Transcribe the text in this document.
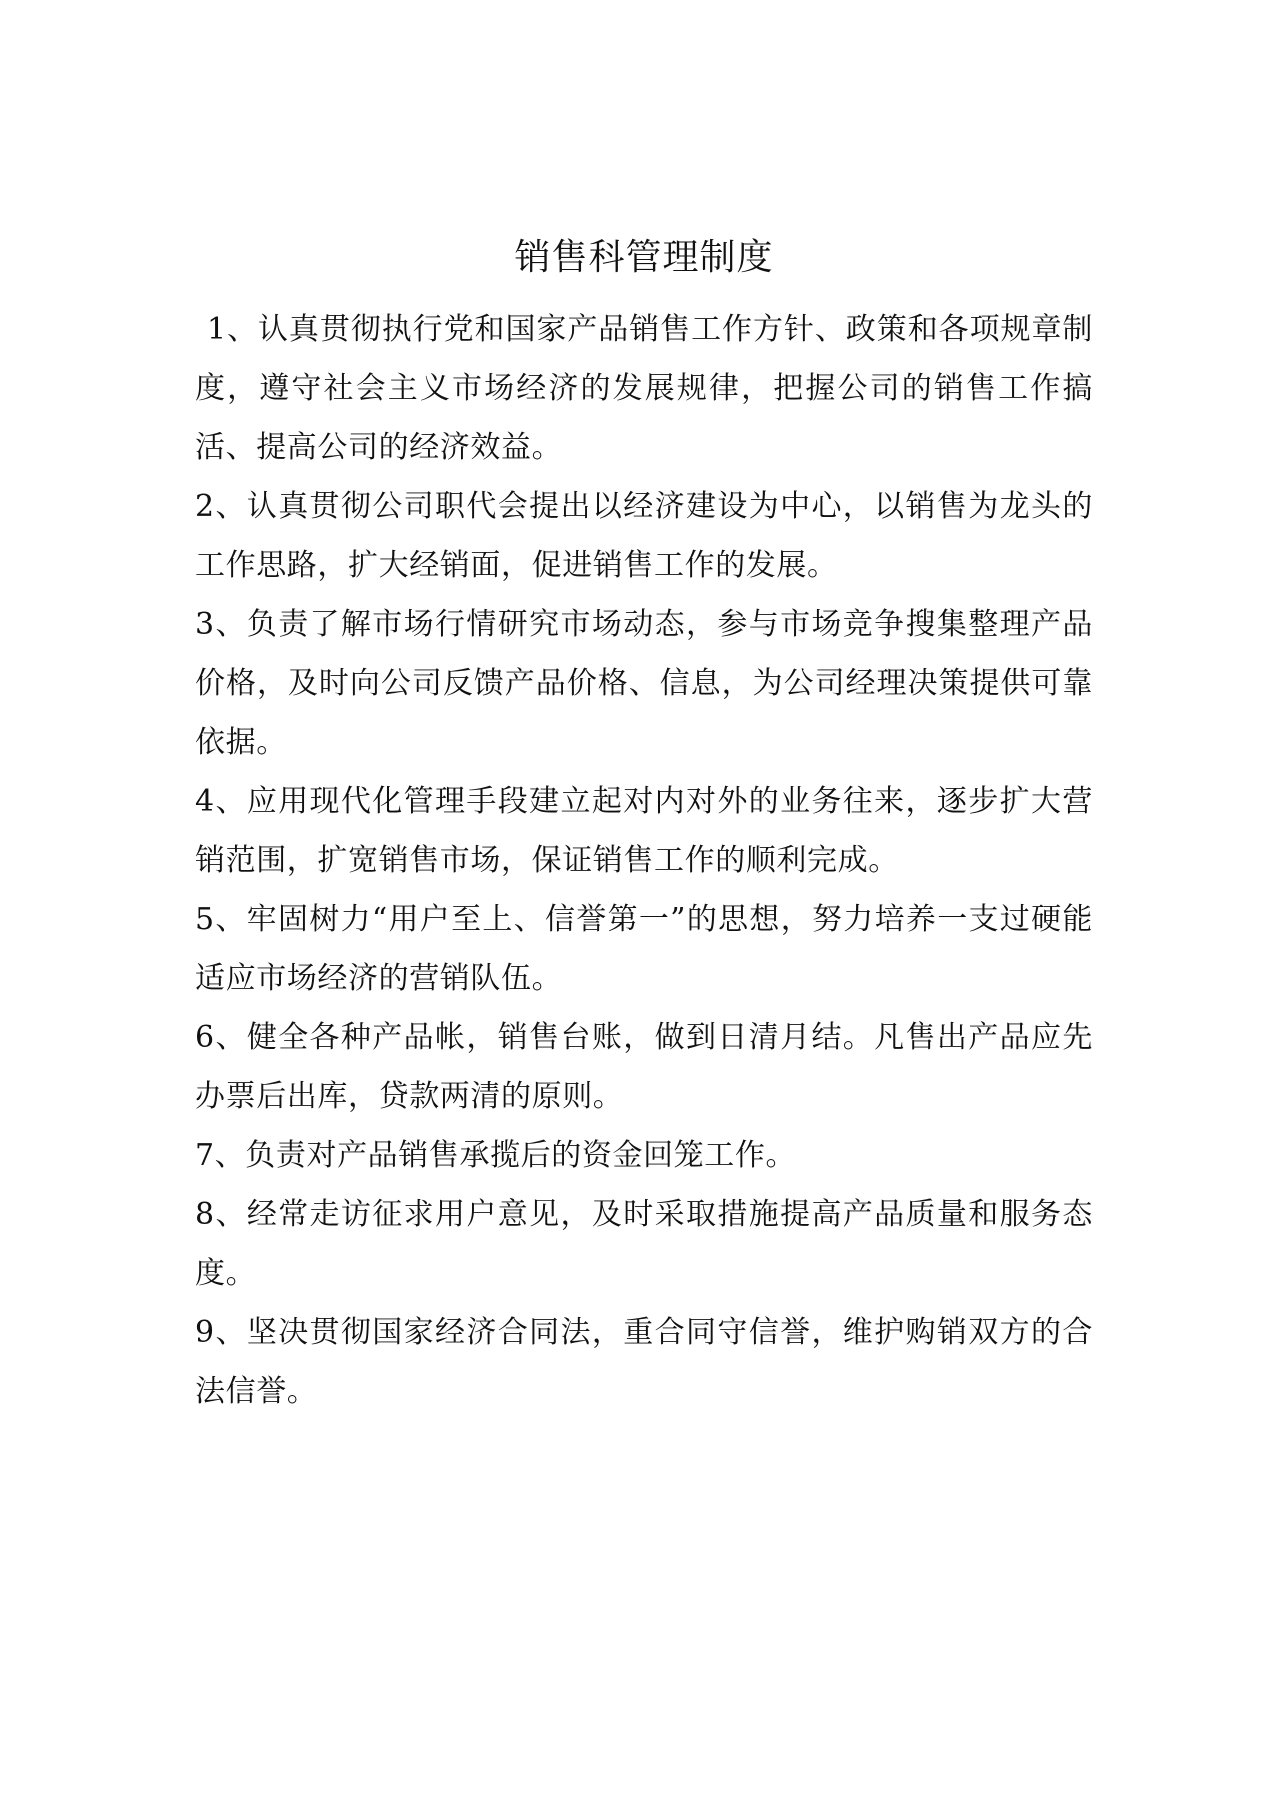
销售科管理制度

1、认真贯彻执行党和国家产品销售工作方针、政策和各项规章制度，遵守社会主义市场经济的发展规律，把握公司的销售工作搞活、提高公司的经济效益。

2、认真贯彻公司职代会提出以经济建设为中心，以销售为龙头的工作思路，扩大经销面，促进销售工作的发展。

3、负责了解市场行情研究市场动态，参与市场竞争搜集整理产品价格，及时向公司反馈产品价格、信息，为公司经理决策提供可靠依据。

4、应用现代化管理手段建立起对内对外的业务往来，逐步扩大营销范围，扩宽销售市场，保证销售工作的顺利完成。

5、牢固树力“用户至上、信誉第一”的思想，努力培养一支过硬能适应市场经济的营销队伍。

6、健全各种产品帐，销售台账，做到日清月结。凡售出产品应先办票后出库，贷款两清的原则。

7、负责对产品销售承揽后的资金回笼工作。

8、经常走访征求用户意见，及时采取措施提高产品质量和服务态度。

9、坚决贯彻国家经济合同法，重合同守信誉，维护购销双方的合法信誉。
